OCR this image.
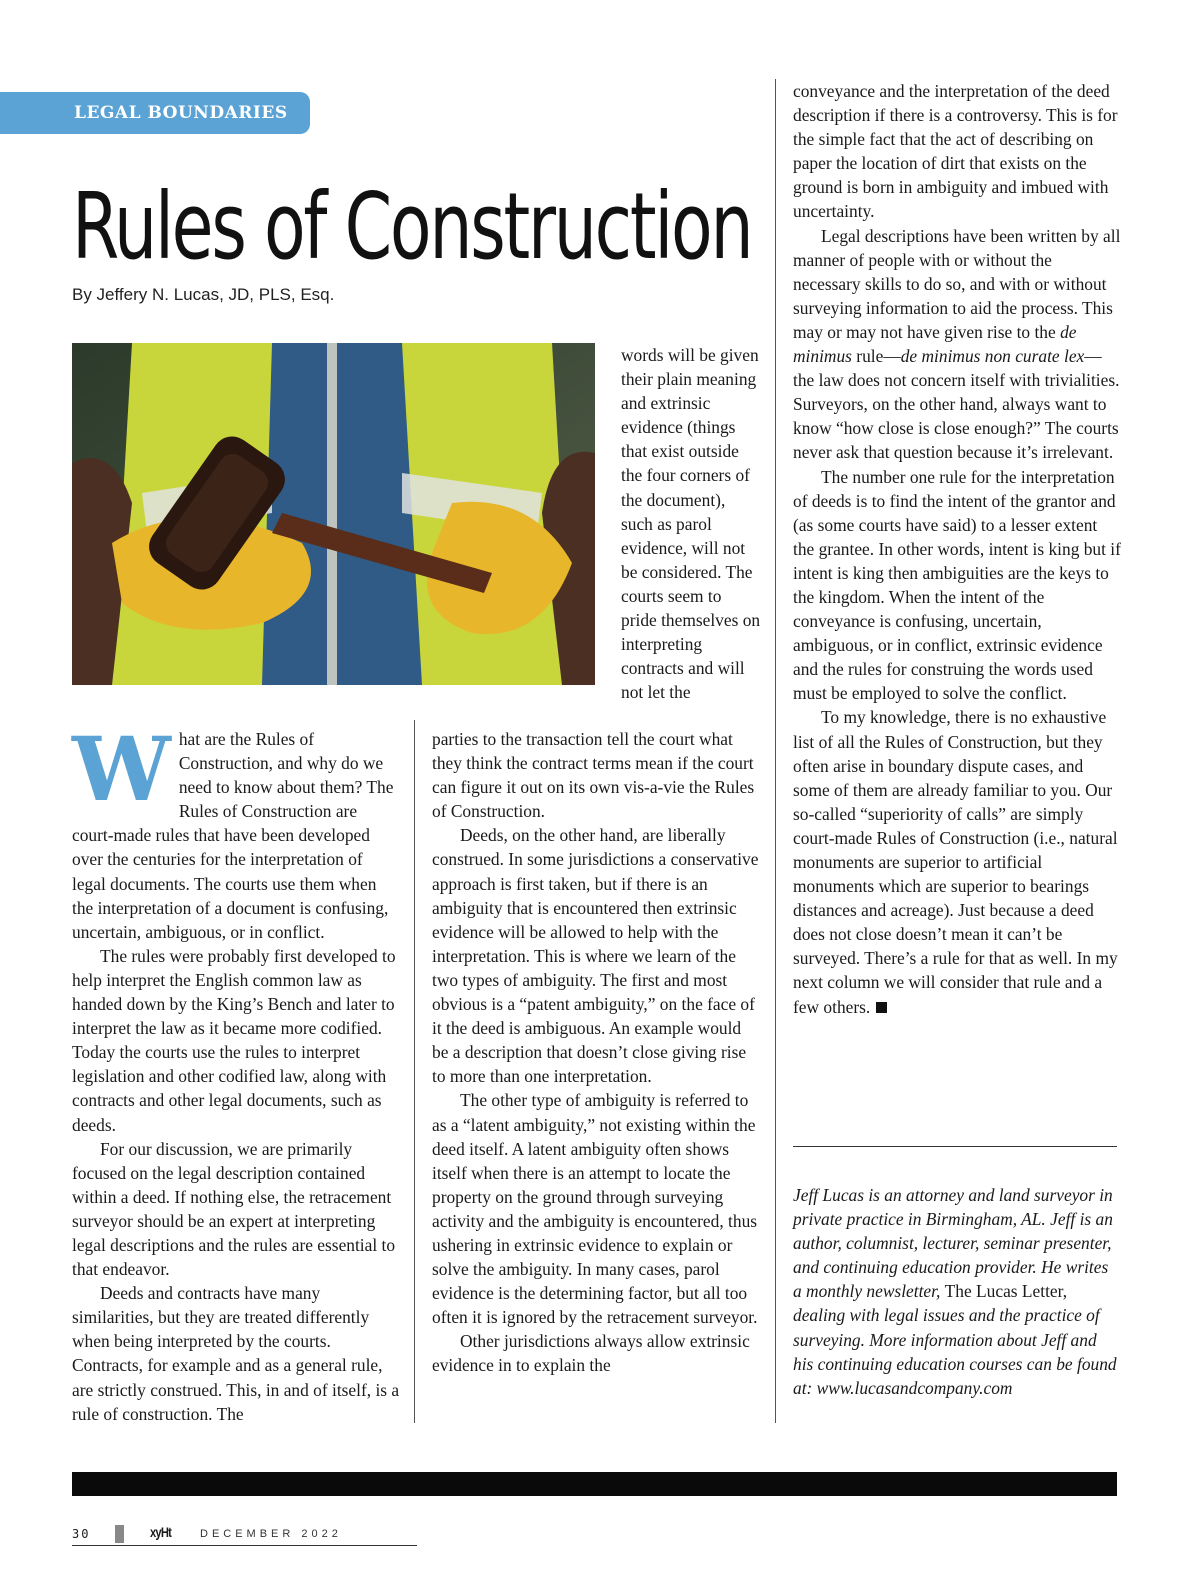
LEGAL BOUNDARIES
Rules of Construction
By Jeffery N. Lucas, JD, PLS, Esq.

What are the Rules of Construction, and why do we need to know about them? The Rules of Construction are court-made rules that have been developed over the centuries for the interpretation of legal documents. The courts use them when the interpretation of a document is confusing, uncertain, ambiguous, or in conflict.

The rules were probably first developed to help interpret the English common law as handed down by the King’s Bench and later to interpret the law as it became more codified. Today the courts use the rules to interpret legislation and other codified law, along with contracts and other legal documents, such as deeds.

For our discussion, we are primarily focused on the legal description contained within a deed. If nothing else, the retracement surveyor should be an expert at interpreting legal descriptions and the rules are essential to that endeavor.

Deeds and contracts have many similarities, but they are treated differently when being interpreted by the courts. Contracts, for example and as a general rule, are strictly construed. This, in and of itself, is a rule of construction. The

words will be given their plain meaning and extrinsic evidence (things that exist outside the four corners of the document), such as parol evidence, will not be considered. The courts seem to pride themselves on interpreting contracts and will not let the

parties to the transaction tell the court what they think the contract terms mean if the court can figure it out on its own vis-a-vie the Rules of Construction.

Deeds, on the other hand, are liberally construed. In some jurisdictions a conservative approach is first taken, but if there is an ambiguity that is encountered then extrinsic evidence will be allowed to help with the interpretation. This is where we learn of the two types of ambiguity. The first and most obvious is a “patent ambiguity,” on the face of it the deed is ambiguous. An example would be a description that doesn’t close giving rise to more than one interpretation.

The other type of ambiguity is referred to as a “latent ambiguity,” not existing within the deed itself. A latent ambiguity often shows itself when there is an attempt to locate the property on the ground through surveying activity and the ambiguity is encountered, thus ushering in extrinsic evidence to explain or solve the ambiguity. In many cases, parol evidence is the determining factor, but all too often it is ignored by the retracement surveyor.

Other jurisdictions always allow extrinsic evidence in to explain the

conveyance and the interpretation of the deed description if there is a controversy. This is for the simple fact that the act of describing on paper the location of dirt that exists on the ground is born in ambiguity and imbued with uncertainty.

Legal descriptions have been written by all manner of people with or without the necessary skills to do so, and with or without surveying information to aid the process. This may or may not have given rise to the de minimus rule—de minimus non curate lex—the law does not concern itself with trivialities. Surveyors, on the other hand, always want to know “how close is close enough?” The courts never ask that question because it’s irrelevant.

The number one rule for the interpretation of deeds is to find the intent of the grantor and (as some courts have said) to a lesser extent the grantee. In other words, intent is king but if intent is king then ambiguities are the keys to the kingdom. When the intent of the conveyance is confusing, uncertain, ambiguous, or in conflict, extrinsic evidence and the rules for construing the words used must be employed to solve the conflict.

To my knowledge, there is no exhaustive list of all the Rules of Construction, but they often arise in boundary dispute cases, and some of them are already familiar to you. Our so-called “superiority of calls” are simply court-made Rules of Construction (i.e., natural monuments are superior to artificial monuments which are superior to bearings distances and acreage). Just because a deed does not close doesn’t mean it can’t be surveyed. There’s a rule for that as well. In my next column we will consider that rule and a few others.

Jeff Lucas is an attorney and land surveyor in private practice in Birmingham, AL. Jeff is an author, columnist, lecturer, seminar presenter, and continuing education provider. He writes a monthly newsletter, The Lucas Letter, dealing with legal issues and the practice of surveying. More information about Jeff and his continuing education courses can be found at: www.lucasandcompany.com
30	xyHt	DECEMBER 2022
